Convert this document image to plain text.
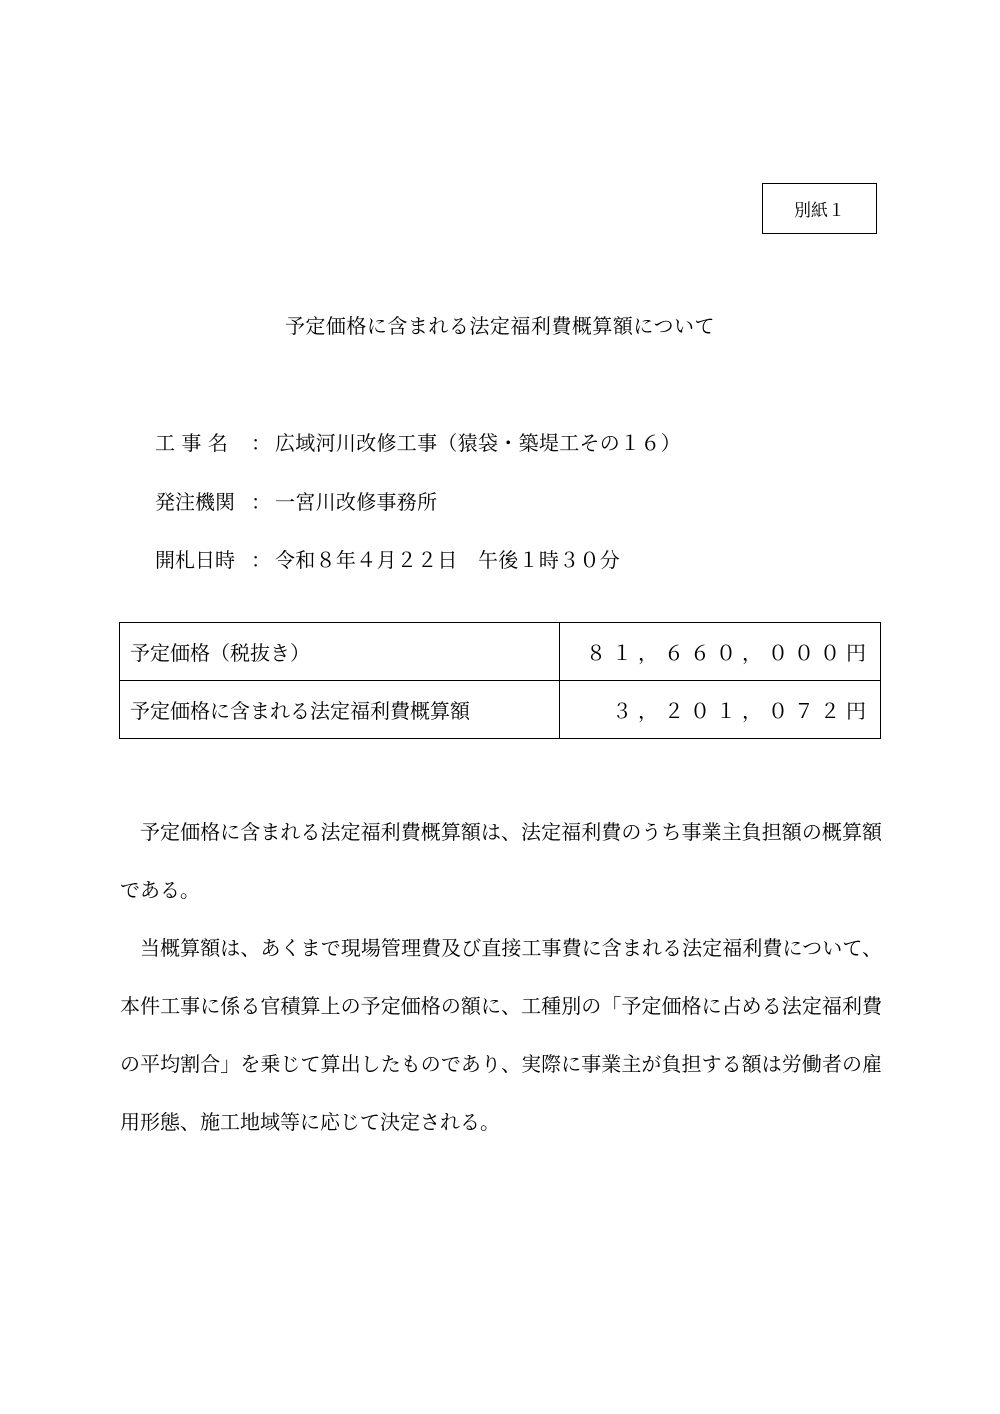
別紙１
予定価格に含まれる法定福利費概算額について
工 事 名	： 広域河川改修工事（猿袋・築堤工その１６）
発注機関 ： 一宮川改修事務所
開札日時 ： 令和８年４月２２日　午後１時３０分
予定価格（税抜き）	８１，６６０，０００円
予定価格に含まれる法定福利費概算額	３，２０１，０７２円

予定価格に含まれる法定福利費概算額は、法定福利費のうち事業主負担額の概算額である。

当概算額は、あくまで現場管理費及び直接工事費に含まれる法定福利費について、本件工事に係る官積算上の予定価格の額に、工種別の「予定価格に占める法定福利費の平均割合」を乗じて算出したものであり、実際に事業主が負担する額は労働者の雇用形態、施工地域等に応じて決定される。
